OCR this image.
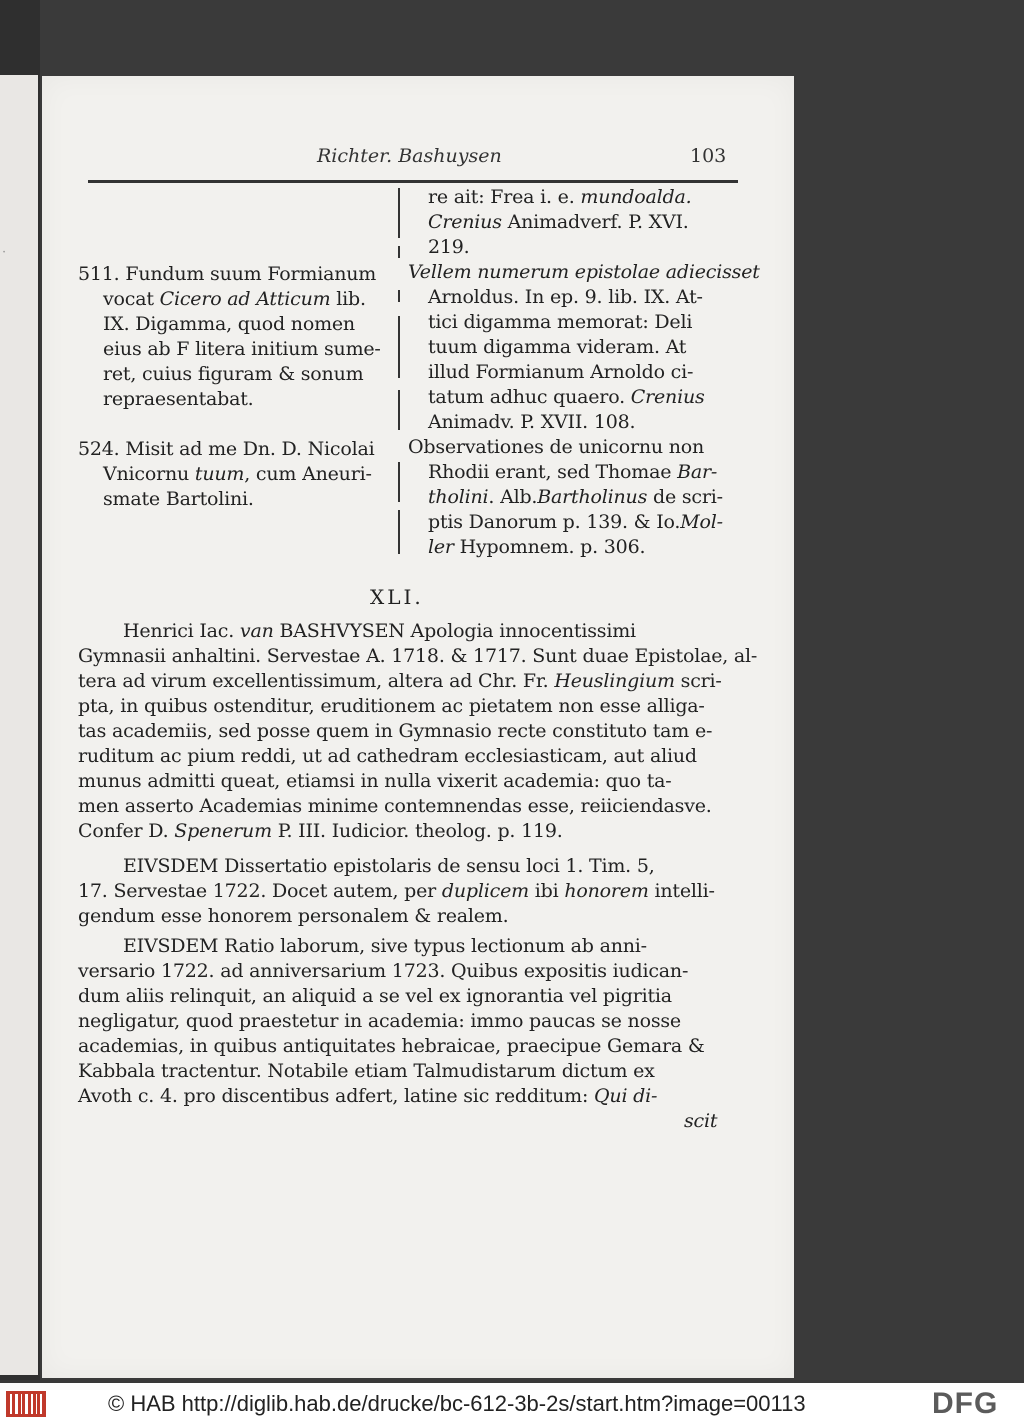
·
Richter. Bashuysen	103
511. Fundum suum Formianum
vocat Cicero ad Atticum lib.
IX. Digamma, quod nomen
eius ab F litera initium sume-
ret, cuius figuram & sonum
repraesentabat.
524. Misit ad me Dn. D. Nicolai
Vnicornu tuum, cum Aneuri-
smate Bartolini.
re ait: Frea i. e. mundoalda.
Crenius Animadverf. P. XVI.
219.
Vellem numerum epistolae adiecisset
Arnoldus. In ep. 9. lib. IX. At-
tici digamma memorat: Deli
tuum digamma videram. At
illud Formianum Arnoldo ci-
tatum adhuc quaero. Crenius
Animadv. P. XVII. 108.
Observationes de unicornu non
Rhodii erant, sed Thomae Bar-
tholini. Alb.Bartholinus de scri-
ptis Danorum p. 139. & Io.Mol-
ler Hypomnem. p. 306.
XLI.
Henrici Iac. van BASHVYSEN Apologia innocentissimi
Gymnasii anhaltini. Servestae A. 1718. & 1717. Sunt duae Epistolae, al-
tera ad virum excellentissimum, altera ad Chr. Fr. Heuslingium scri-
pta, in quibus ostenditur, eruditionem ac pietatem non esse alliga-
tas academiis, sed posse quem in Gymnasio recte constituto tam e-
ruditum ac pium reddi, ut ad cathedram ecclesiasticam, aut aliud
munus admitti queat, etiamsi in nulla vixerit academia: quo ta-
men asserto Academias minime contemnendas esse, reiiciendasve.
Confer D. Spenerum P. III. Iudicior. theolog. p. 119.
EIVSDEM Dissertatio epistolaris de sensu loci 1. Tim. 5,
17. Servestae 1722. Docet autem, per duplicem ibi honorem intelli-
gendum esse honorem personalem & realem.
EIVSDEM Ratio laborum, sive typus lectionum ab anni-
versario 1722. ad anniversarium 1723. Quibus expositis iudican-
dum aliis relinquit, an aliquid a se vel ex ignorantia vel pigritia
negligatur, quod praestetur in academia: immo paucas se nosse
academias, in quibus antiquitates hebraicae, praecipue Gemara &
Kabbala tractentur. Notabile etiam Talmudistarum dictum ex
Avoth c. 4. pro discentibus adfert, latine sic redditum: Qui di-
scit
© HAB http://diglib.hab.de/drucke/bc-612-3b-2s/start.htm?image=00113	DFG
